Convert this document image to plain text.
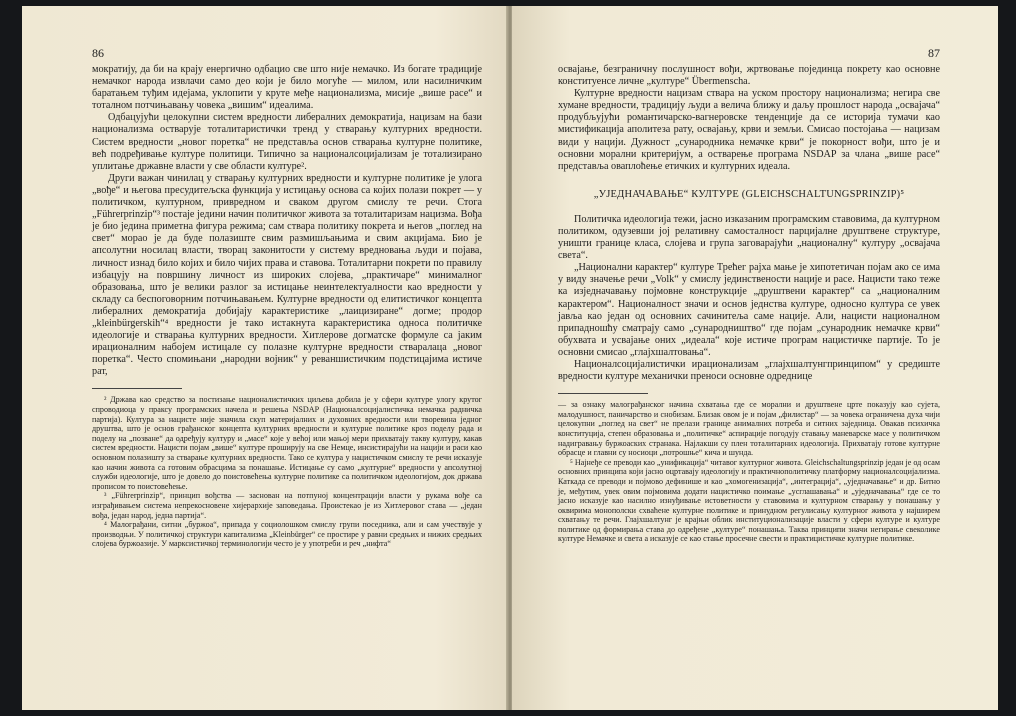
86

мократију, да би на крају енергично одбацио све што није немачко. Из богате традиције немачког народа извлачи само део који је било могуће — милом, или насилничким баратањем туђим идејама, уклопити у круте међе национализма, мисије „више расе“ и тоталном потчињавању човека „вишим“ идеалима.

Одбацујући целокупни систем вредности либералних демократија, нацизам на бази национализма остварује тоталитаристички тренд у стварању културних вредности. Систем вредности „новог поретка“ не представља основ стварања културне политике, већ подређивање културе политици. Типично за националсоцијализам је тотализирано уплитање државне власти у све области културе².

Други важан чинилац у стварању културних вредности и културне политике је улога „вође“ и његова пресудитељска функција у истицању основа са којих полази покрет — у политичком, културном, привредном и сваком другом смислу те речи. Стога „Führerprinzip“³ постаје једини начин политичког живота за тоталитаризам нацизма. Вођа је био једина приметна фигура режима; сам ствара политику покрета и његов „поглед на свет“ морао је да буде полазиште свим размишљањима и свим акцијама. Био је апсолутни носилац власти, творац законитости у систему вредновања људи и појава, личност изнад било којих и било чијих права и ставова. Тоталитарни покрети по правилу избацују на површину личност из широких слојева, „практичаре“ минималног образовања, што је велики разлог за истицање неинтелектуалности као вредности у складу са беспоговорним потчињавањем. Културне вредности од елитистичког концепта либералних демократија добијају карактеристике „лаицизиране“ догме; продор „kleinbürgerskih“⁴ вредности је тако истакнута карактеристика односа политичке идеологије и стварања културних вредности. Хитлерове догматске формуле са јаким ирационалним набојем истицале су полазне културне вредности стваралаца „новог поретка“. Често спомињани „народни војник“ у реваншистичким подстицајима истиче рат,

² Држава као средство за постизање националистичких циљева добила је у сфери културе улогу крутог спроводиоца у праксу програмских начела и решења NSDAP (Националсоцијалистичка немачка радничка партија). Култура за нацисте није значила скуп материјалних и духовних вредности или творевина једног друштва, што је основ грађанског концепта културних вредности и културне политике кроз поделу рада и поделу на „позване“ да одређују културу и „масе“ које у већој или мањој мери прихватају такву културу, какав систем вредности. Нацисти појам „више“ културе проширују на све Немце, инсистирајући на нацији и раси као основном полазишту за стварање културних вредности. Тако се култура у нацистичком смислу те речи исказује као начин живота са готовим обрасцима за понашање. Истицање су само „културне“ вредности у апсолутној служби идеологије, што је довело до поистовећења културне политике са политичком идеологијом, док држава прописом то поистовећење.

³ „Führerprinzip“, принцип вођства — заснован на потпуној концентрацији власти у рукама вође са изграђивањем система непрекосновене хијерархије заповедања. Проистекао је из Хитлеровог става — „један вођа, један народ, једна партија“.

⁴ Малограђани, ситни „буржоа“, припада у социолошком смислу групи поседника, али и сам учествује у производњи. У политичкој структури капитализма „Kleinbürger“ се простире у равни средњих и нижих средњих слојева буржоазије. У марксистичкој терминологији често је у употреби и реч „нифта“

87

освајање, безграничну послушност вођи, жртвовање појединца покрету као основне конституенсе личне „културе“ Übermenscha.

Културне вредности нацизам ствара на уском простору национализма; негира све хумане вредности, традицију људи а велича ближу и даљу прошлост народа „освајача“ продубљујући романтичарско-вагнеровске тенденције да се историја тумачи као мистификација аполитеза рату, освајању, крви и земљи. Смисао постојања — нацизам види у нацији. Дужност „сународника немачке крви“ је покорност вођи, што је и основни морални критеријум, а остварење програма NSDAP за члана „више расе“ представља оваплоћење етичких и културних идеала.

„УЈЕДНАЧАВАЊЕ“ КУЛТУРЕ (GLEICHSCHALTUNGSPRINZIP)⁵

Политичка идеологија тежи, јасно изказаним програмским ставовима, да културном политиком, одузевши јој релативну самосталност парцијалне друштвене структуре, уништи границе класа, слојева и група заговарајући „националну“ културу „освајача света“.

„Национални карактер“ културе Трећег рајха мање је хипотетичан појам ако се има у виду значење речи „Volk“ у смислу јединствености нације и расе. Нацисти тако теже ка изједначавању појмовне конструкције „друштвени карактер“ са „националним карактером“. Националност значи и основ једнства културе, односно култура се увек јавља као један од основних сачинитеља саме нације. Али, нацисти националном припадношћу сматрају само „сународништво“ где појам „сународник немачке крви“ обухвата и усвајање оних „идеала“ које истиче програм нацистичке партије. То је основни смисао „глајхшалтовања“.

Националсоцијалистички ирационализам „глајхшалтунгпринципом“ у средиште вредности културе механички преноси основне одреднице

— за ознаку малограђанског начина схватања где се морални и друштвене црте показују као сујета, малодушност, паничарство и снобизам. Близак овом је и појам „филистар“ — за човека ограничена духа чији целокупни „поглед на свет“ не прелази границе анималних потреба и ситних заједница. Овакав психичка конституција, степен образовања и „политичке“ аспирације погодују ставању маневарске масе у политичком надигравању буржоаских странака. Најлакши су плен тоталитарних идеологија. Прихватају готове културне обрасце и главни су носиоци „потрошње“ кича и шунда.

⁵ Најнеђе се преводи као „унификација“ читавог културног живота. Gleichschaltungsprinzip један је од осам основних принципа који јасно оцртавају идеологију и практичнополитичку платформу националсоцијализма. Каткада се преводи и појмово дефинише и као „хомогенизација“, „интеграција“, „уједначавање“ и др. Битно је, међутим, увек овим појмовима додати нацистичко поимање „усглашавања“ и „уједначавања“ где се то јасно исказује као насилно изнуђивање истоветности у ставовима и културном стварању у понашању у оквирима монополски схваћене културне политике и принудном регулисању културног живота у најширем схватању те речи. Глајхшалтунг је крајњи облик институционализације власти у сфери културе и културе политике од формирања става до одређене „културе“ понашања. Таква принципи значи негирање свеколике културе Немачке и света а исказује се као стање просечне свести и практицистичке културне политике.
